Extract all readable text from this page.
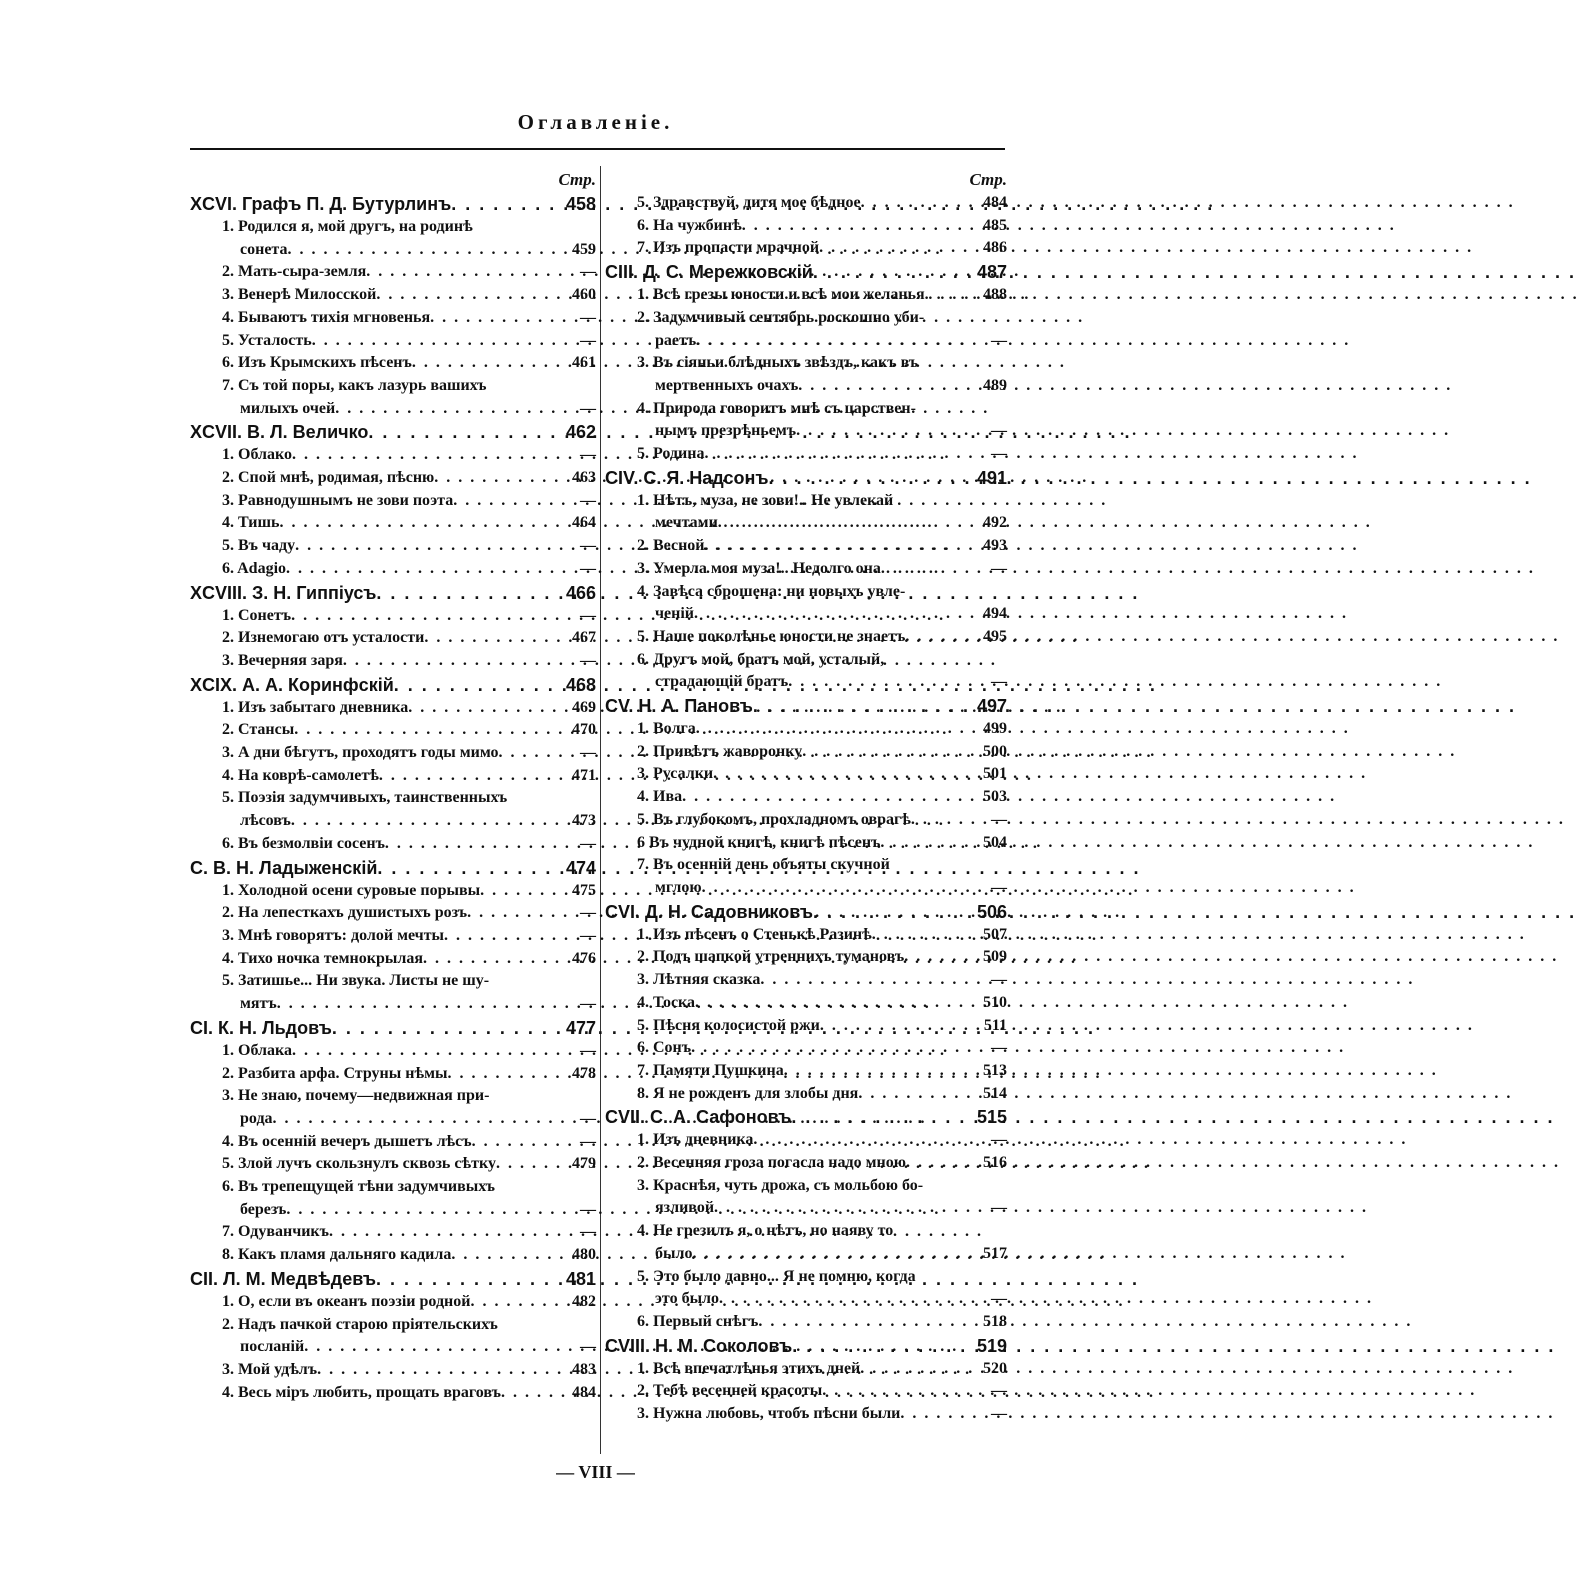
Оглавленіе.
Стр.
XCVI. Графъ П. Д. Бутурлинъ . . .	458
1. Родился я, мой другъ, на родинѣ
сонета . . .	459
2. Мать-сыра-земля . . .	—
3. Венерѣ Милосской . . .	460
4. Бываютъ тихія мгновенья . . .	—
5. Усталость . . .	—
6. Изъ Крымскихъ пѣсенъ . . .	461
7. Съ той поры, какъ лазурь вашихъ
милыхъ очей . . .	—
XCVII. В. Л. Величко . . .	462
1. Облако . . .	—
2. Спой мнѣ, родимая, пѣсню . . .	463
3. Равнодушнымъ не зови поэта . . .	—
4. Тишь . . .	464
5. Въ чаду . . .	—
6. Adagio . . .	—
XCVIII. З. Н. Гиппіусъ . . .	466
1. Сонетъ . . .	—
2. Изнемогаю отъ усталости . . .	467
3. Вечерняя заря . . .	—
XCIX. А. А. Коринфскій . . .	468
1. Изъ забытаго дневника . . .	469
2. Стансы . . .	470
3. А дни бѣгутъ, проходятъ годы мимо . . .	—
4. На коврѣ-самолетѣ . . .	471
5. Поэзія задумчивыхъ, таинственныхъ
лѣсовъ . . .	473
6. Въ безмолвіи сосенъ . . .	—
C. В. Н. Ладыженскій . . .	474
1. Холодной осени суровые порывы . . .	475
2. На лепесткахъ душистыхъ розъ . . .	—
3. Мнѣ говорятъ: долой мечты . . .	—
4. Тихо ночка темнокрылая . . .	476
5. Затишье... Ни звука. Листы не шу-
мятъ . . .	—
CI. К. Н. Льдовъ . . .	477
1. Облака . . .	—
2. Разбита арфа. Струны нѣмы . . .	478
3. Не знаю, почему—недвижная при-
рода . . .	—
4. Въ осенній вечеръ дышетъ лѣсъ . . .	—
5. Злой лучъ скользнулъ сквозь сѣтку . . .	479
6. Въ трепещущей тѣни задумчивыхъ
березъ . . .	—
7. Одуванчикъ . . .	—
8. Какъ пламя дальняго кадила . . .	480
CII. Л. М. Медвѣдевъ . . .	481
1. О, если въ океанъ поэзіи родной . . .	482
2. Надъ пачкой старою пріятельскихъ
посланій . . .	—
3. Мой удѣлъ . . .	483
4. Весь міръ любить, прощать враговъ . . .	484
Стр.
5. Здравствуй, дитя мое бѣдное . . .	484
6. На чужбинѣ . . .	485
7. Изъ пропасти мрачной . . .	486
CIII. Д. С. Мережковскій . . .	487
1. Всѣ грезы юности и всѣ мои желанья . . .	488
2. Задумчивый сентябрь роскошно уби-
раетъ . . .	—
3. Въ сіяньи блѣдныхъ звѣздъ, какъ въ
мертвенныхъ очахъ . . .	489
4. Природа говоритъ мнѣ съ царствен-
нымъ презрѣньемъ . . .	—
5. Родина . . .	—
CIV. С. Я. Надсонъ . . .	491
1. Нѣтъ, муза, не зови!.. Не увлекай
мечтами . . .	492
2. Весной . . .	493
3. Умерла моя муза!.. Недолго она . . .	—
4. Завѣса сброшена: ни новыхъ увле-
ченій . . .	494
5. Наше поколѣнье юности не знаетъ . . .	495
6. Другъ мой, братъ мой, усталый,
страдающій братъ . . .	—
CV. Н. А. Пановъ . . .	497
1. Волга . . .	499
2. Привѣтъ жаворонку . . .	500
3. Русалки . . .	501
4. Ива . . .	503
5. Въ глубокомъ, прохладномъ оврагѣ . . .	—
6 Въ чудной книгѣ, книгѣ пѣсенъ . . .	504
7. Въ осенній день объяты скучной
мглою . . .	—
CVI. Д. Н. Садовниковъ . . .	506
1. Изъ пѣсенъ о Стенькѣ Разинѣ . . .	507
2. Подъ шапкой утреннихъ тумановъ . . .	509
3. Лѣтняя сказка . . .	—
4. Тоска . . .	510
5. Пѣсня колосистой ржи . . .	511
6. Сонъ . . .	—
7. Памяти Пушкина . . .	513
8. Я не рожденъ для злобы дня . . .	514
CVII. С. А. Сафоновъ . . .	515
1. Изъ дневника . . .	—
2. Весенняя гроза погасла надо мною . . .	516
3. Краснѣя, чуть дрожа, съ мольбою бо-
язливой . . .	—
4. Не грезилъ я, о нѣтъ, но наяву то
было . . .	517
5. Это было давно... Я не помню, когда
это было . . .	—
6. Первый снѣгъ . . .	518
CVIII. Н. М. Соколовъ . . .	519
1. Всѣ впечатлѣнья этихъ дней . . .	520
2. Тебѣ весенней красоты . . .	—
3. Нужна любовь, чтобъ пѣсни были . . .	—
— VIII —
